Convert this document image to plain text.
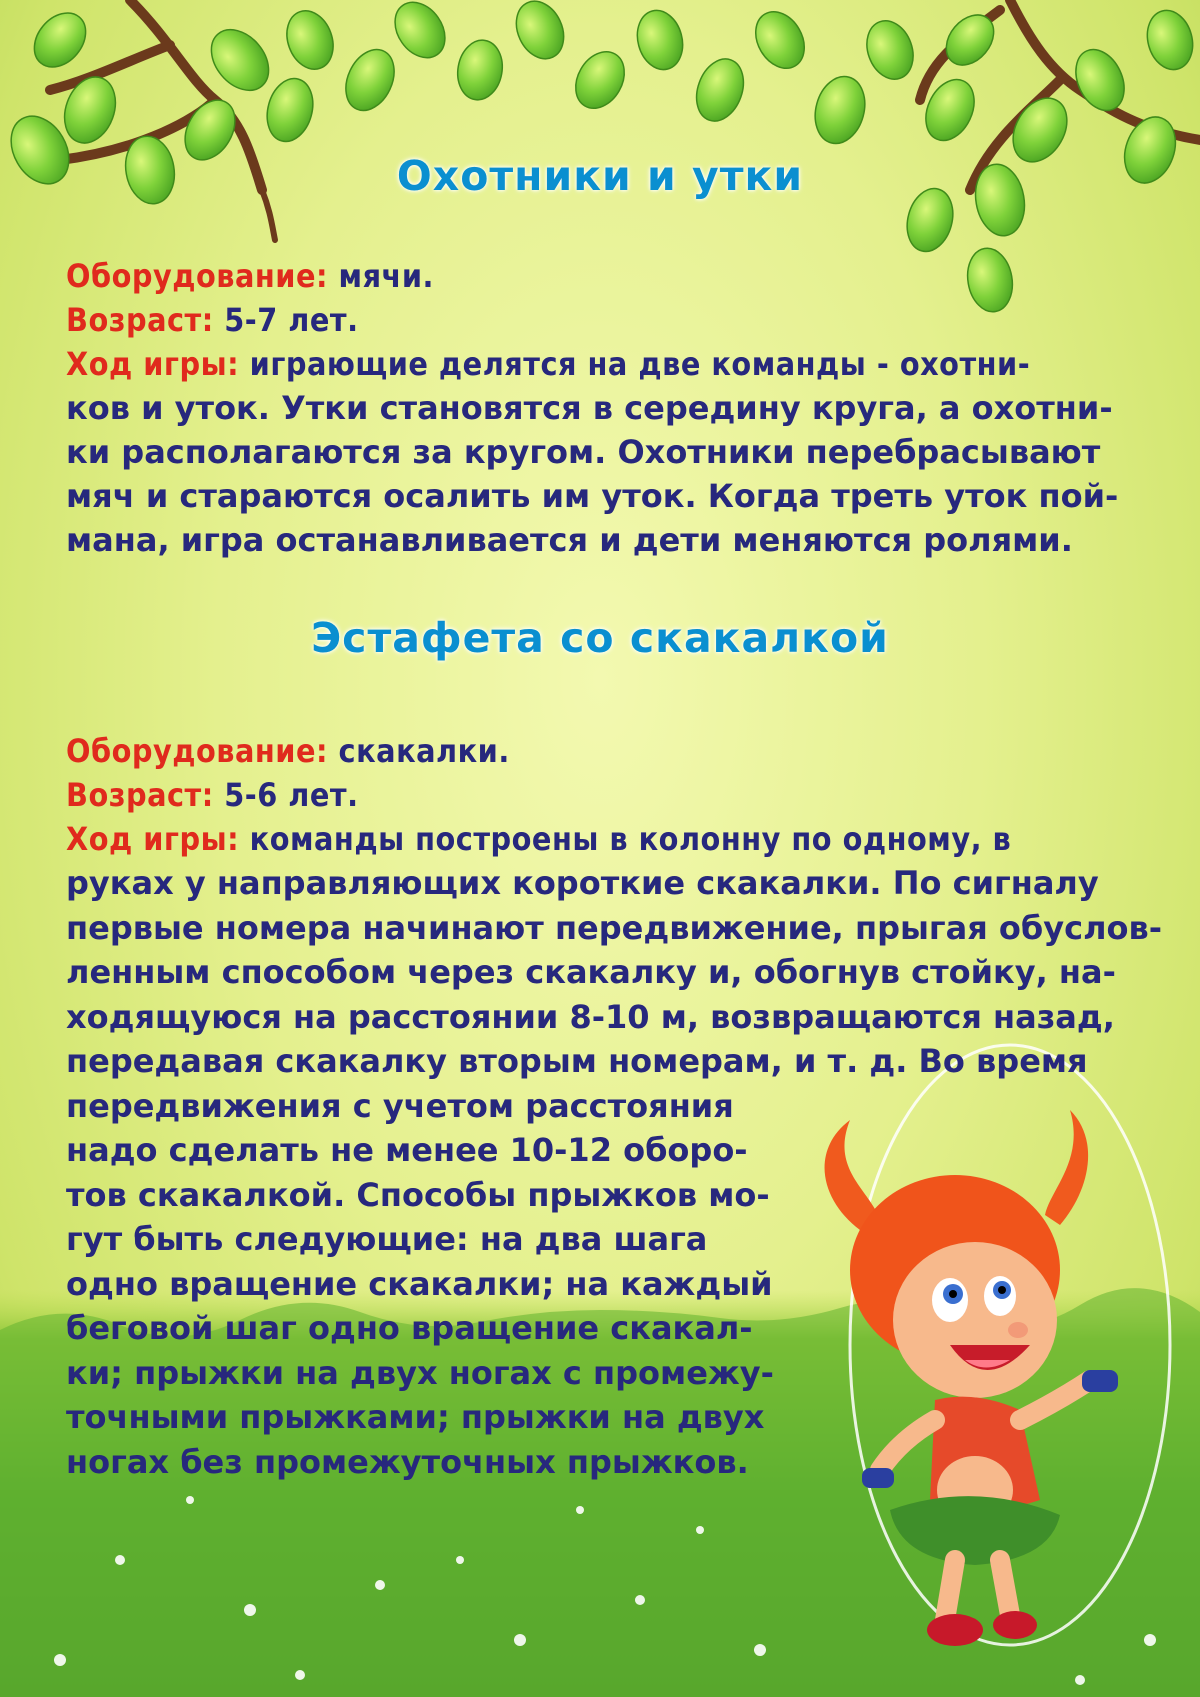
Охотники и утки

Оборудование: мячи.

Возраст: 5-7 лет.

Ход игры: играющие делятся на две команды - охотни-

ков и уток. Утки становятся в середину круга, а охотни-
ки располагаются за кругом. Охотники перебрасывают
мяч и стараются осалить им уток. Когда треть уток пой-
мана, игра останавливается и дети меняются ролями.
Эстафета со скакалкой

Оборудование: скакалки.

Возраст: 5-6 лет.

Ход игры: команды построены в колонну по одному, в

руках у направляющих короткие скакалки. По сигналу
первые номера начинают передвижение, прыгая обуслов-
ленным способом через скакалку и, обогнув стойку, на-
ходящуюся на расстоянии 8-10 м, возвращаются назад,
передавая скакалку вторым номерам, и т. д. Во время
передвижения с учетом расстояния
надо сделать не менее 10-12 оборо-
тов скакалкой. Способы прыжков мо-
гут быть следующие: на два шага
одно вращение скакалки; на каждый
беговой шаг одно вращение скакал-
ки; прыжки на двух ногах с промежу-
точными прыжками; прыжки на двух
ногах без промежуточных прыжков.
